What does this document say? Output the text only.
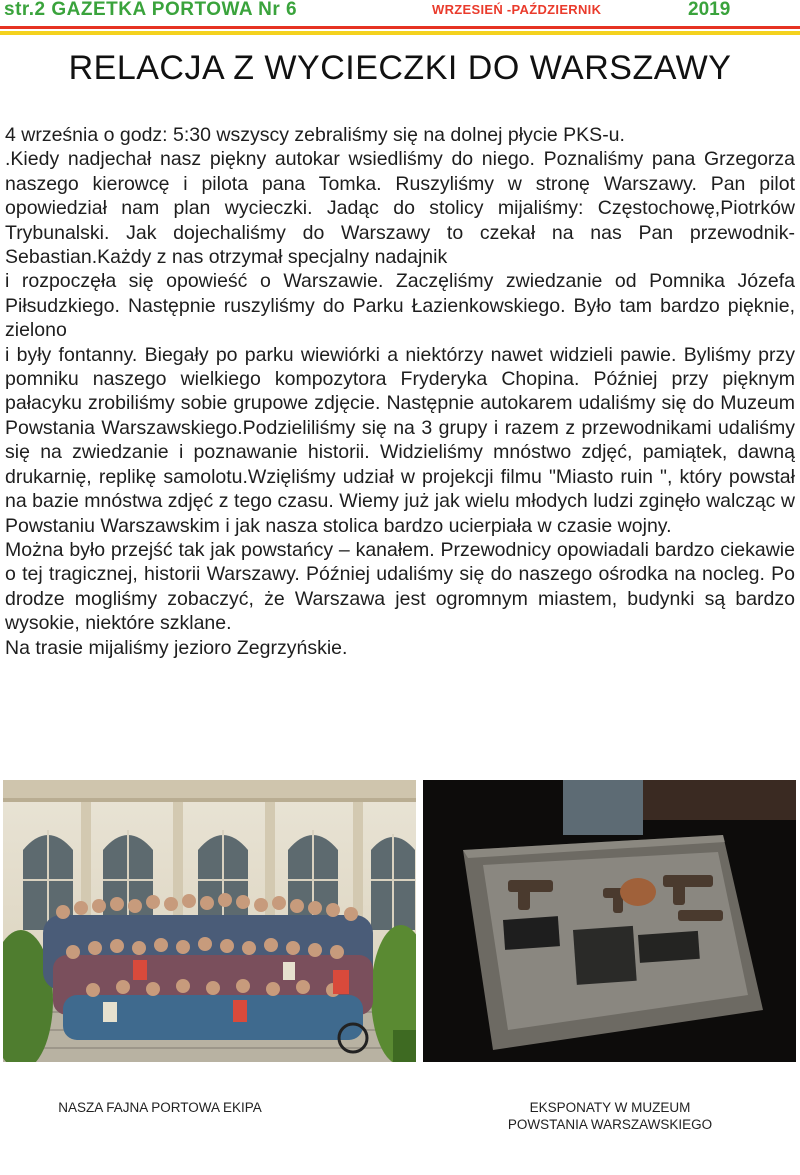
str.2 GAZETKA PORTOWA Nr 6	WRZESIEŃ -PAŹDZIERNIK	2019
RELACJA Z WYCIECZKI DO WARSZAWY

4 września o godz: 5:30 wszyscy zebraliśmy się na dolnej płycie PKS-u.

.Kiedy nadjechał nasz piękny autokar wsiedliśmy do niego. Poznaliśmy pana Grzegorza naszego kierowcę i pilota pana Tomka. Ruszyliśmy w stronę Warszawy. Pan pilot opowiedział nam plan wycieczki. Jadąc do stolicy mijaliśmy: Częstochowę,Piotrków Trybunalski. Jak dojechaliśmy do Warszawy to czekał na nas Pan przewodnik-Sebastian.Każdy z nas otrzymał specjalny nadajnik

i rozpoczęła się opowieść o Warszawie. Zaczęliśmy zwiedzanie od Pomnika Józefa Piłsudzkiego. Następnie ruszyliśmy do Parku Łazienkowskiego. Było tam bardzo pięknie, zielono

i były fontanny. Biegały po parku wiewiórki a niektórzy nawet widzieli pawie. Byliśmy przy pomniku naszego wielkiego kompozytora Fryderyka Chopina. Później przy pięknym pałacyku zrobiliśmy sobie grupowe zdjęcie. Następnie autokarem udaliśmy się do Muzeum Powstania Warszawskiego.Podzieliliśmy się na 3 grupy i razem z przewodnikami udaliśmy się na zwiedzanie i poznawanie historii. Widzieliśmy mnóstwo zdjęć, pamiątek, dawną drukarnię, replikę samolotu.Wzięliśmy udział w projekcji filmu "Miasto ruin ", który powstał na bazie mnóstwa zdjęć z tego czasu. Wiemy już jak wielu młodych ludzi zginęło walcząc w Powstaniu Warszawskim i jak nasza stolica bardzo ucierpiała w czasie wojny.

Można było przejść tak jak powstańcy – kanałem. Przewodnicy opowiadali bardzo ciekawie o tej tragicznej, historii Warszawy. Później udaliśmy się do naszego ośrodka na nocleg. Po drodze mogliśmy zobaczyć, że Warszawa jest ogromnym miastem, budynki są bardzo wysokie, niektóre szklane.

Na trasie mijaliśmy jezioro Zegrzyńskie.

NASZA FAJNA PORTOWA EKIPA	EKSPONATY W MUZEUM
POWSTANIA WARSZAWSKIEGO
